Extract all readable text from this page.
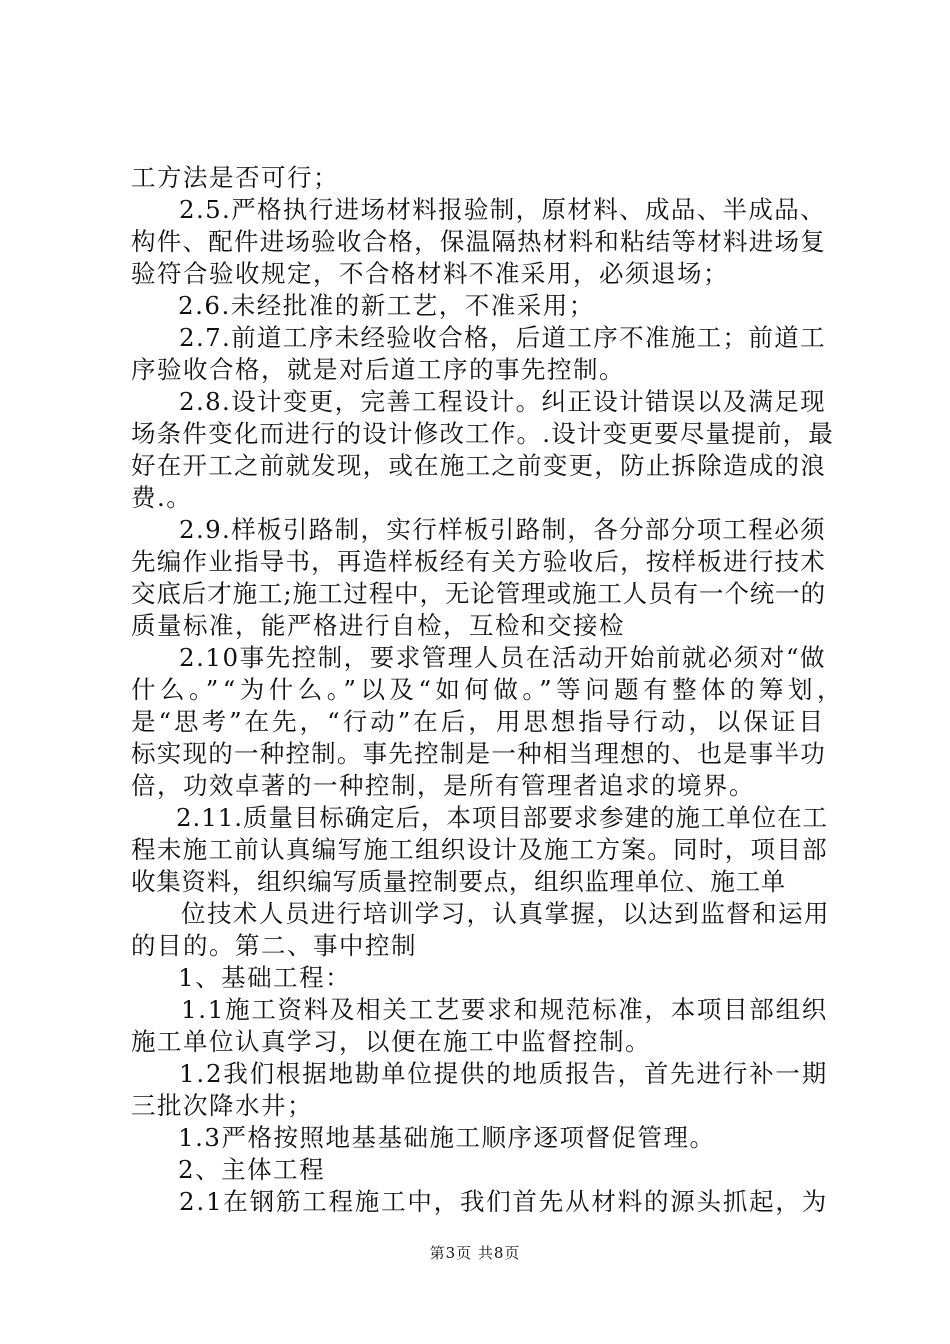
工方法是否可行；
2.5.严格执行进场材料报验制，原材料、成品、半成品、
构件、配件进场验收合格，保温隔热材料和粘结等材料进场复
验符合验收规定，不合格材料不准采用，必须退场；
2.6.未经批准的新工艺，不准采用；
2.7.前道工序未经验收合格，后道工序不准施工；前道工
序验收合格，就是对后道工序的事先控制。
2.8.设计变更，完善工程设计。纠正设计错误以及满足现
场条件变化而进行的设计修改工作。.设计变更要尽量提前，最
好在开工之前就发现，或在施工之前变更，防止拆除造成的浪
费.。
2.9.样板引路制，实行样板引路制，各分部分项工程必须
先编作业指导书，再造样板经有关方验收后，按样板进行技术
交底后才施工;施工过程中，无论管理或施工人员有一个统一的
质量标准，能严格进行自检，互检和交接检
2.10事先控制，要求管理人员在活动开始前就必须对“做
什么。”“为什么。”以及“如何做。”等问题有整体的筹划，
是“思考”在先，“行动”在后，用思想指导行动，以保证目
标实现的一种控制。事先控制是一种相当理想的、也是事半功
倍，功效卓著的一种控制，是所有管理者追求的境界。
2.11.质量目标确定后，本项目部要求参建的施工单位在工
程未施工前认真编写施工组织设计及施工方案。同时，项目部
收集资料，组织编写质量控制要点，组织监理单位、施工单
位技术人员进行培训学习，认真掌握，以达到监督和运用
的目的。第二、事中控制
1、基础工程：
1.1施工资料及相关工艺要求和规范标准，本项目部组织
施工单位认真学习，以便在施工中监督控制。
1.2我们根据地勘单位提供的地质报告，首先进行补一期
三批次降水井；
1.3严格按照地基基础施工顺序逐项督促管理。
2、主体工程
2.1在钢筋工程施工中，我们首先从材料的源头抓起，为
第3页 共8页
